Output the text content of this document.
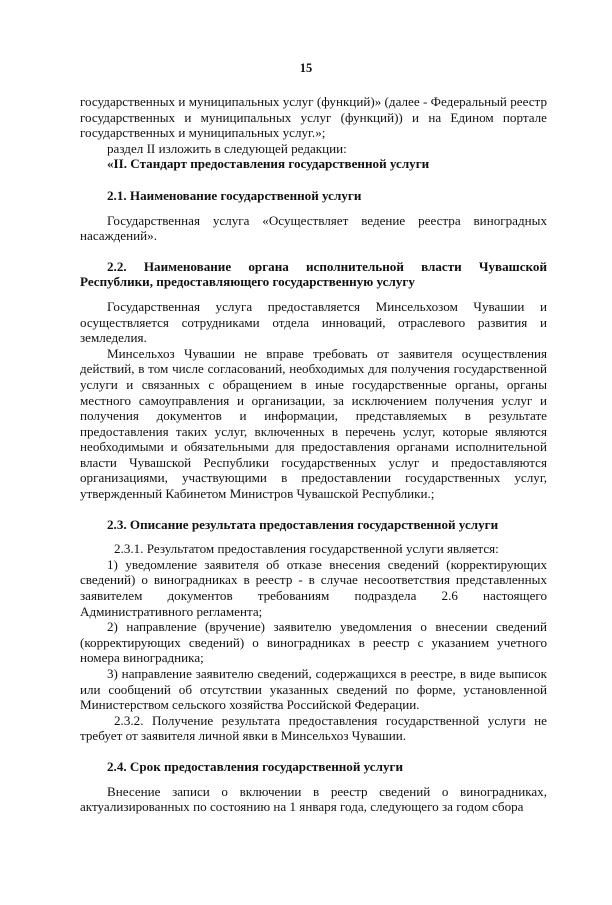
15

государственных и муниципальных услуг (функций)» (далее - Федеральный реестр государственных и муниципальных услуг (функций)) и на Едином портале государственных и муниципальных услуг.»;

раздел II изложить в следующей редакции:

«II. Стандарт предоставления государственной услуги

2.1. Наименование государственной услуги

Государственная услуга «Осуществляет ведение реестра виноградных насаждений».

2.2. Наименование органа исполнительной власти Чувашской Республики, предоставляющего государственную услугу

Государственная услуга предоставляется Минсельхозом Чувашии и осуществляется сотрудниками отдела инноваций, отраслевого развития и земледелия.

Минсельхоз Чувашии не вправе требовать от заявителя осуществления действий, в том числе согласований, необходимых для получения государственной услуги и связанных с обращением в иные государственные органы, органы местного самоуправления и организации, за исключением получения услуг и получения документов и информации, представляемых в результате предоставления таких услуг, включенных в перечень услуг, которые являются необходимыми и обязательными для предоставления органами исполнительной власти Чувашской Республики государственных услуг и предоставляются организациями, участвующими в предоставлении государственных услуг, утвержденный Кабинетом Министров Чувашской Республики.;

2.3. Описание результата предоставления государственной услуги

2.3.1. Результатом предоставления государственной услуги является:

1) уведомление заявителя об отказе внесения сведений (корректирующих сведений) о виноградниках в реестр - в случае несоответствия представленных заявителем документов требованиям подраздела 2.6 настоящего Административного регламента;

2) направление (вручение) заявителю уведомления о внесении сведений (корректирующих сведений) о виноградниках в реестр с указанием учетного номера виноградника;

3) направление заявителю сведений, содержащихся в реестре, в виде выписок или сообщений об отсутствии указанных сведений по форме, установленной Министерством сельского хозяйства Российской Федерации.

2.3.2. Получение результата предоставления государственной услуги не требует от заявителя личной явки в Минсельхоз Чувашии.

2.4. Срок предоставления государственной услуги

Внесение записи о включении в реестр сведений о виноградниках, актуализированных по состоянию на 1 января года, следующего за годом сбора
